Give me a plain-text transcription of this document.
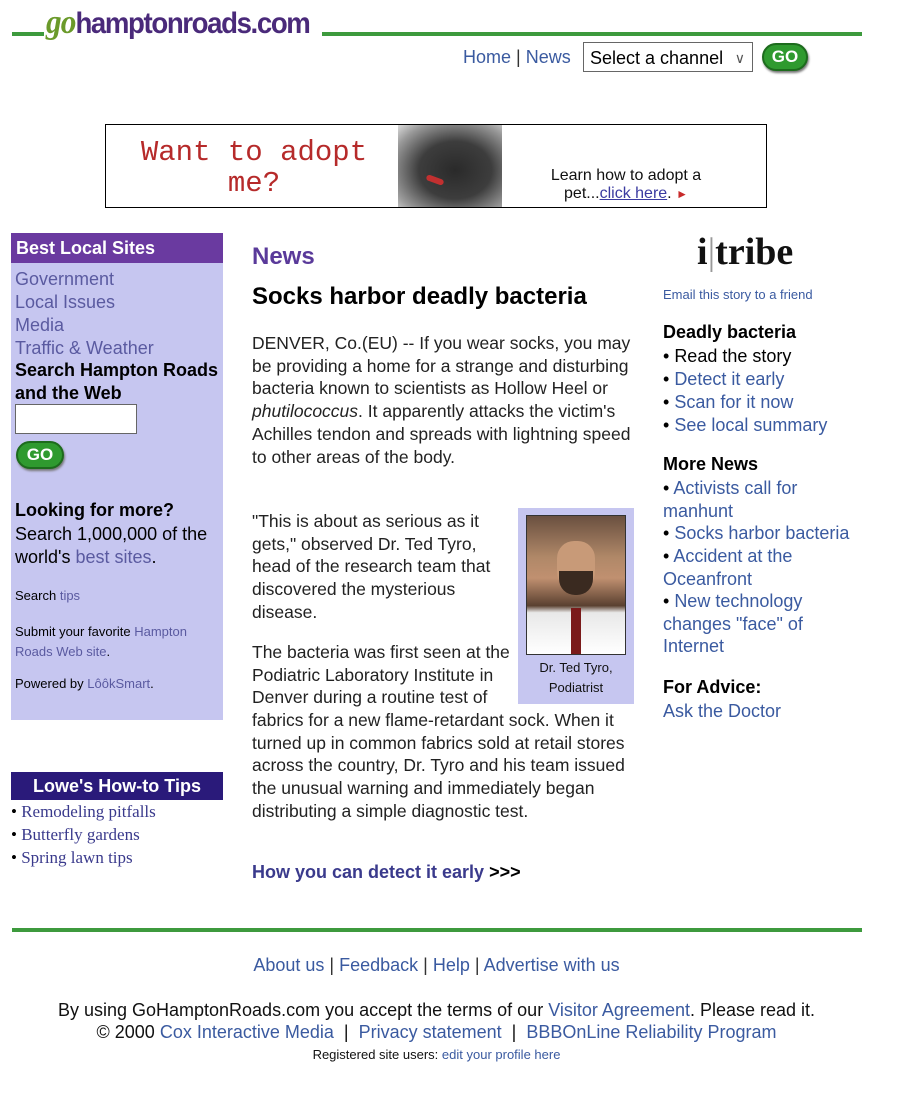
gohamptonroads.com
Home | News	Select a channel ∨	GO
Want to adopt me?	Learn how to adopt a pet...click here. ►
Best Local Sites
Government
Local Issues
Media
Traffic & Weather
Search Hampton Roads and the Web
GO
Looking for more?
Search 1,000,000 of the world's best sites.
Search tips
Submit your favorite Hampton Roads Web site.
Powered by LôôkSmart.
Lowe's How-to Tips
• Remodeling pitfalls
• Butterfly gardens
• Spring lawn tips
News
Socks harbor deadly bacteria
DENVER, Co.(EU) -- If you wear socks, you may be providing a home for a strange and disturbing bacteria known to scientists as Hollow Heel or phutilococcus. It apparently attacks the victim's Achilles tendon and spreads with lightning speed to other areas of the body.
"This is about as serious as it gets," observed Dr. Ted Tyro, head of the research team that discovered the mysterious disease.
Dr. Ted Tyro, Podiatrist
The bacteria was first seen at the Podiatric Laboratory Institute in Denver during a routine test of
fabrics for a new flame-retardant sock. When it turned up in common fabrics sold at retail stores across the country, Dr. Tyro and his team issued the unusual warning and immediately began distributing a simple diagnostic test.
How you can detect it early >>>
i|tribe
Email this story to a friend
Deadly bacteria
• Read the story
• Detect it early
• Scan for it now
• See local summary
More News
• Activists call for manhunt
• Socks harbor bacteria
• Accident at the Oceanfront
• New technology changes "face" of Internet
For Advice:
Ask the Doctor
About us | Feedback | Help | Advertise with us
By using GoHamptonRoads.com you accept the terms of our Visitor Agreement. Please read it.
© 2000 Cox Interactive Media  |  Privacy statement  |  BBBOnLine Reliability Program
Registered site users: edit your profile here
